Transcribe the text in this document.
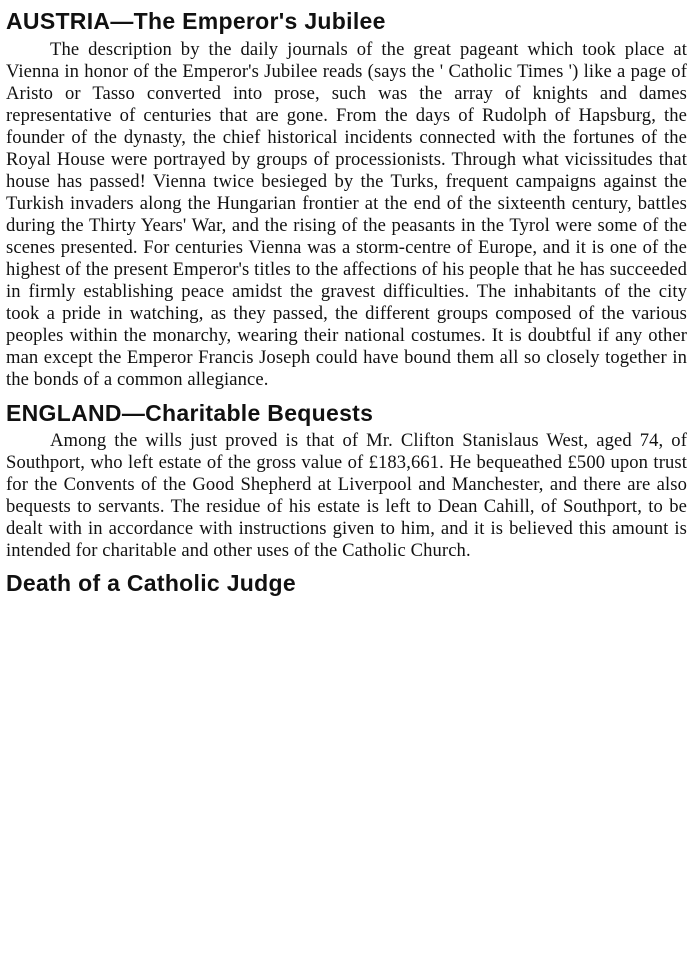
AUSTRIA—The Emperor's Jubilee

The description by the daily journals of the great pageant which took place at Vienna in honor of the Emperor's Jubilee reads (says the ' Catholic Times ') like a page of Aristo or Tasso converted into prose, such was the array of knights and dames representative of centuries that are gone. From the days of Rudolph of Hapsburg, the founder of the dynasty, the chief historical incidents connected with the fortunes of the Royal House were portrayed by groups of processionists. Through what vicissitudes that house has passed! Vienna twice besieged by the Turks, frequent campaigns against the Turkish invaders along the Hungarian frontier at the end of the sixteenth century, battles during the Thirty Years' War, and the rising of the peasants in the Tyrol were some of the scenes presented. For centuries Vienna was a storm-centre of Europe, and it is one of the highest of the present Emperor's titles to the affections of his people that he has succeeded in firmly establishing peace amidst the gravest difficulties. The inhabitants of the city took a pride in watching, as they passed, the different groups composed of the various peoples within the monarchy, wearing their national costumes. It is doubtful if any other man except the Emperor Francis Joseph could have bound them all so closely together in the bonds of a common allegiance.

ENGLAND—Charitable Bequests

Among the wills just proved is that of Mr. Clifton Stanislaus West, aged 74, of Southport, who left estate of the gross value of £183,661. He bequeathed £500 upon trust for the Convents of the Good Shepherd at Liverpool and Manchester, and there are also bequests to servants. The residue of his estate is left to Dean Cahill, of Southport, to be dealt with in accordance with instructions given to him, and it is believed this amount is intended for charitable and other uses of the Catholic Church.

Death of a Catholic Judge
